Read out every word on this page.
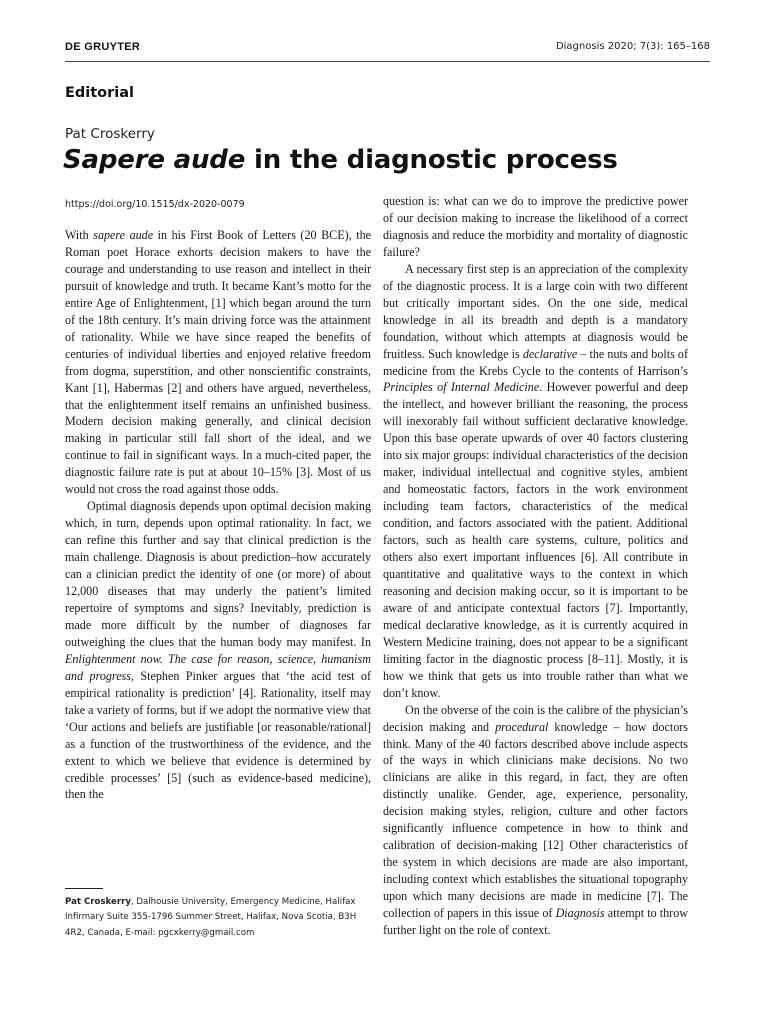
DE GRUYTER	Diagnosis 2020; 7(3): 165–168
Editorial
Pat Croskerry
Sapere aude in the diagnostic process
https://doi.org/10.1515/dx-2020-0079

With sapere aude in his First Book of Letters (20 BCE), the Roman poet Horace exhorts decision makers to have the courage and understanding to use reason and intellect in their pursuit of knowledge and truth. It became Kant’s motto for the entire Age of Enlightenment, [1] which began around the turn of the 18th century. It’s main driving force was the attainment of rationality. While we have since reaped the benefits of centuries of individual liberties and enjoyed relative freedom from dogma, superstition, and other nonscientific constraints, Kant [1], Habermas [2] and others have argued, nevertheless, that the enlightenment itself remains an unfinished business. Modern decision making generally, and clinical decision making in particular still fall short of the ideal, and we continue to fail in significant ways. In a much-cited paper, the diagnostic failure rate is put at about 10–15% [3]. Most of us would not cross the road against those odds.

Optimal diagnosis depends upon optimal decision making which, in turn, depends upon optimal rationality. In fact, we can refine this further and say that clinical prediction is the main challenge. Diagnosis is about prediction–how accurately can a clinician predict the identity of one (or more) of about 12,000 diseases that may underly the patient’s limited repertoire of symptoms and signs? Inevitably, prediction is made more difficult by the number of diagnoses far outweighing the clues that the human body may manifest. In Enlightenment now. The case for reason, science, humanism and progress, Stephen Pinker argues that ‘the acid test of empirical rationality is prediction’ [4]. Rationality, itself may take a variety of forms, but if we adopt the normative view that ‘Our actions and beliefs are justifiable [or reasonable/rational] as a function of the trustworthiness of the evidence, and the extent to which we believe that evidence is determined by credible processes’ [5] (such as evidence-based medicine), then the

question is: what can we do to improve the predictive power of our decision making to increase the likelihood of a correct diagnosis and reduce the morbidity and mortality of diagnostic failure?

A necessary first step is an appreciation of the complexity of the diagnostic process. It is a large coin with two different but critically important sides. On the one side, medical knowledge in all its breadth and depth is a mandatory foundation, without which attempts at diagnosis would be fruitless. Such knowledge is declarative – the nuts and bolts of medicine from the Krebs Cycle to the contents of Harrison’s Principles of Internal Medicine. However powerful and deep the intellect, and however brilliant the reasoning, the process will inexorably fail without sufficient declarative knowledge. Upon this base operate upwards of over 40 factors clustering into six major groups: individual characteristics of the decision maker, individual intellectual and cognitive styles, ambient and homeostatic factors, factors in the work environment including team factors, characteristics of the medical condition, and factors associated with the patient. Additional factors, such as health care systems, culture, politics and others also exert important influences [6]. All contribute in quantitative and qualitative ways to the context in which reasoning and decision making occur, so it is important to be aware of and anticipate contextual factors [7]. Importantly, medical declarative knowledge, as it is currently acquired in Western Medicine training, does not appear to be a significant limiting factor in the diagnostic process [8–11]. Mostly, it is how we think that gets us into trouble rather than what we don’t know.

On the obverse of the coin is the calibre of the physician’s decision making and procedural knowledge – how doctors think. Many of the 40 factors described above include aspects of the ways in which clinicians make decisions. No two clinicians are alike in this regard, in fact, they are often distinctly unalike. Gender, age, experience, personality, decision making styles, religion, culture and other factors significantly influence competence in how to think and calibration of decision-making [12] Other characteristics of the system in which decisions are made are also important, including context which establishes the situational topography upon which many decisions are made in medicine [7]. The collection of papers in this issue of Diagnosis attempt to throw further light on the role of context.

Pat Croskerry, Dalhousie University, Emergency Medicine, Halifax Infirmary Suite 355-1796 Summer Street, Halifax, Nova Scotia, B3H 4R2, Canada, E-mail: pgcxkerry@gmail.com
